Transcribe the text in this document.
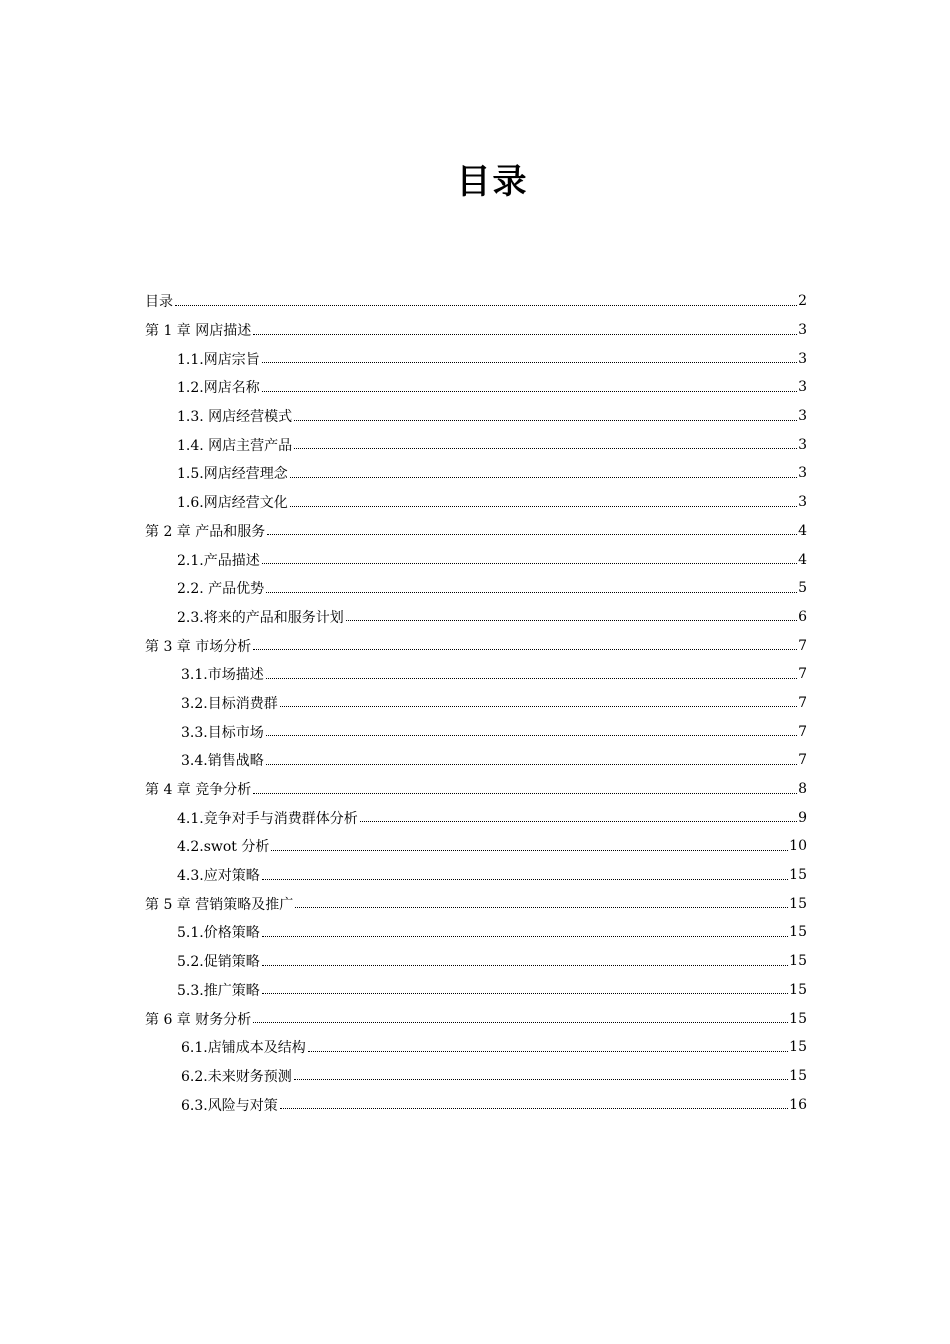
目录
目录	2
第 1 章 网店描述	3
1.1.网店宗旨	3
1.2.网店名称	3
1.3. 网店经营模式	3
1.4. 网店主营产品	3
1.5.网店经营理念	3
1.6.网店经营文化	3
第 2 章 产品和服务	4
2.1.产品描述	4
2.2. 产品优势	5
2.3.将来的产品和服务计划	6
第 3 章 市场分析	7
3.1.市场描述	7
3.2.目标消费群	7
3.3.目标市场	7
3.4.销售战略	7
第 4 章 竞争分析	8
4.1.竞争对手与消费群体分析	9
4.2.swot 分析	10
4.3.应对策略	15
第 5 章 营销策略及推广	15
5.1.价格策略	15
5.2.促销策略	15
5.3.推广策略	15
第 6 章 财务分析	15
6.1.店铺成本及结构	15
6.2.未来财务预测	15
6.3.风险与对策	16
